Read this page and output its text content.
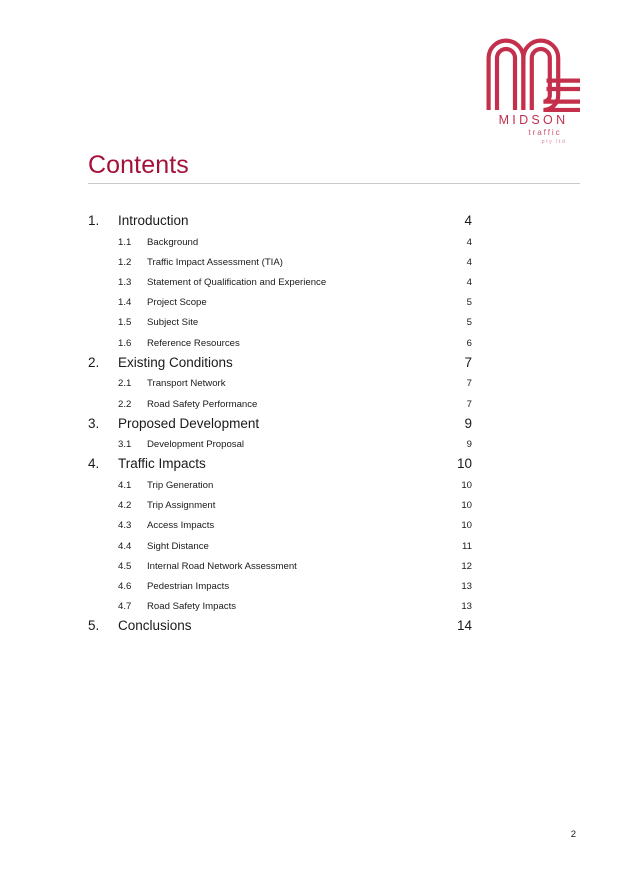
MIDSON
traffic
pty ltd
Contents
1. Introduction	4
1.1 Background	4
1.2 Traffic Impact Assessment (TIA)	4
1.3 Statement of Qualification and Experience	4
1.4 Project Scope	5
1.5 Subject Site	5
1.6 Reference Resources	6
2. Existing Conditions	7
2.1 Transport Network	7
2.2 Road Safety Performance	7
3. Proposed Development	9
3.1 Development Proposal	9
4. Traffic Impacts	10
4.1 Trip Generation	10
4.2 Trip Assignment	10
4.3 Access Impacts	10
4.4 Sight Distance	11
4.5 Internal Road Network Assessment	12
4.6 Pedestrian Impacts	13
4.7 Road Safety Impacts	13
5. Conclusions	14
2
